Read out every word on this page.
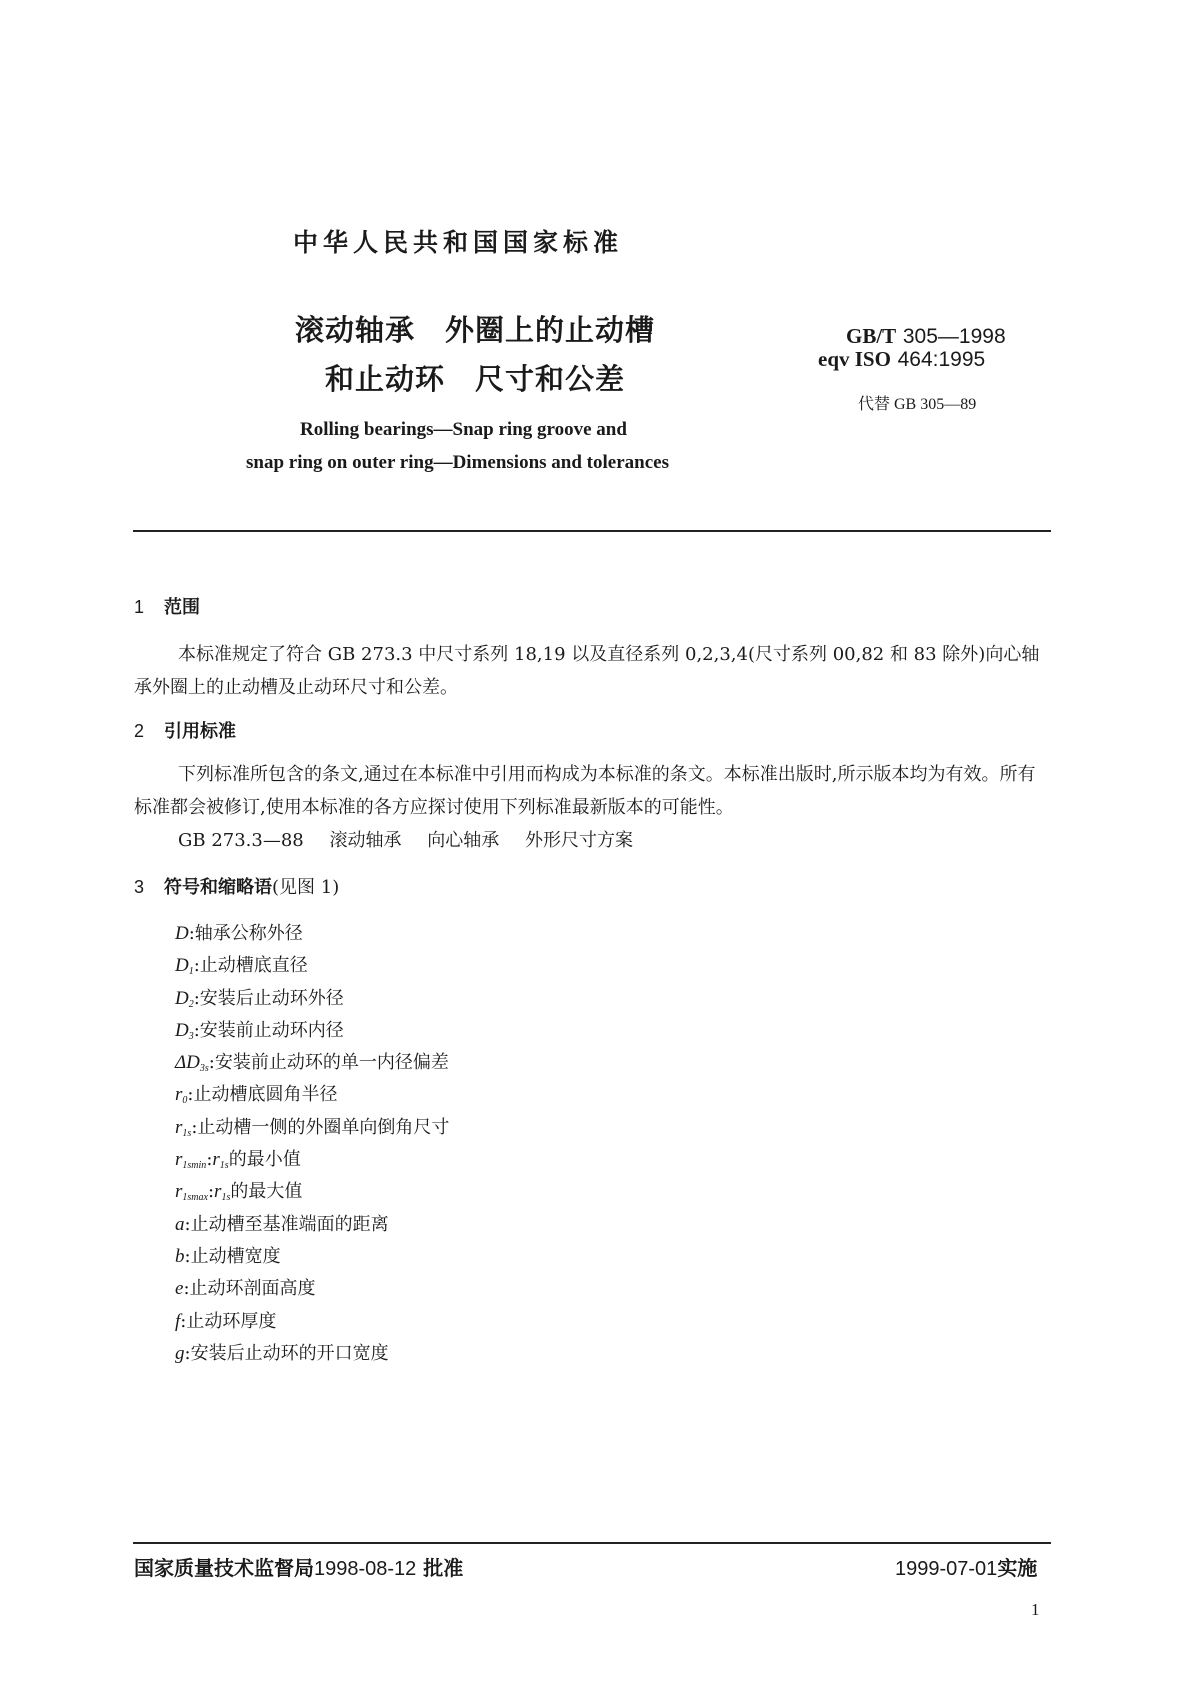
中华人民共和国国家标准
滚动轴承　外圈上的止动槽
和止动环　尺寸和公差
GB/T 305—1998
eqv ISO 464:1995
代替 GB 305—89
Rolling bearings—Snap ring groove and
snap ring on outer ring—Dimensions and tolerances
1 范围
本标准规定了符合 GB 273.3 中尺寸系列 18,19 以及直径系列 0,2,3,4(尺寸系列 00,82 和 83 除外)向心轴承外圈上的止动槽及止动环尺寸和公差。
2 引用标准
下列标准所包含的条文,通过在本标准中引用而构成为本标准的条文。本标准出版时,所示版本均为有效。所有标准都会被修订,使用本标准的各方应探讨使用下列标准最新版本的可能性。
GB 273.3—88 滚动轴承 向心轴承 外形尺寸方案
3 符号和缩略语(见图 1)
D:轴承公称外径
$D_1$:止动槽底直径
$D_2$:安装后止动环外径
$D_3$:安装前止动环内径
$\Delta D_{3s}$:安装前止动环的单一内径偏差
$r_0$:止动槽底圆角半径
$r_{1s}$:止动槽一侧的外圈单向倒角尺寸
$r_{1smin}:r_{1s}$的最小值
$r_{1smax}:r_{1s}$的最大值
a:止动槽至基准端面的距离
b:止动槽宽度
e:止动环剖面高度
f:止动环厚度
g:安装后止动环的开口宽度
国家质量技术监督局1998-08-12 批准	1999-07-01实施
1
